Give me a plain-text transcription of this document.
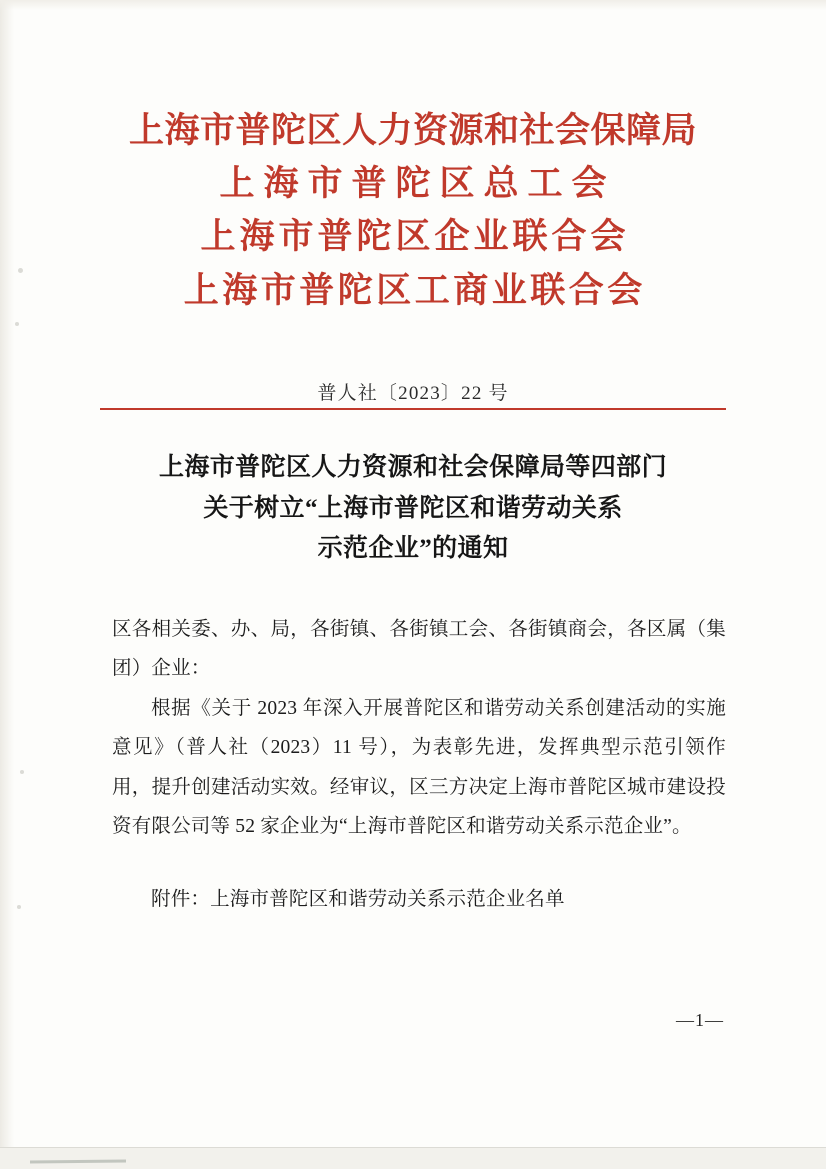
上海市普陀区人力资源和社会保障局
上海市普陀区总工会
上海市普陀区企业联合会
上海市普陀区工商业联合会
普人社〔2023〕22 号
上海市普陀区人力资源和社会保障局等四部门
关于树立“上海市普陀区和谐劳动关系
示范企业”的通知

区各相关委、办、局，各街镇、各街镇工会、各街镇商会，各区属（集团）企业：

根据《关于 2023 年深入开展普陀区和谐劳动关系创建活动的实施意见》（普人社（2023）11 号），为表彰先进，发挥典型示范引领作用，提升创建活动实效。经审议，区三方决定上海市普陀区城市建设投资有限公司等 52 家企业为“上海市普陀区和谐劳动关系示范企业”。

附件：上海市普陀区和谐劳动关系示范企业名单

—1—
